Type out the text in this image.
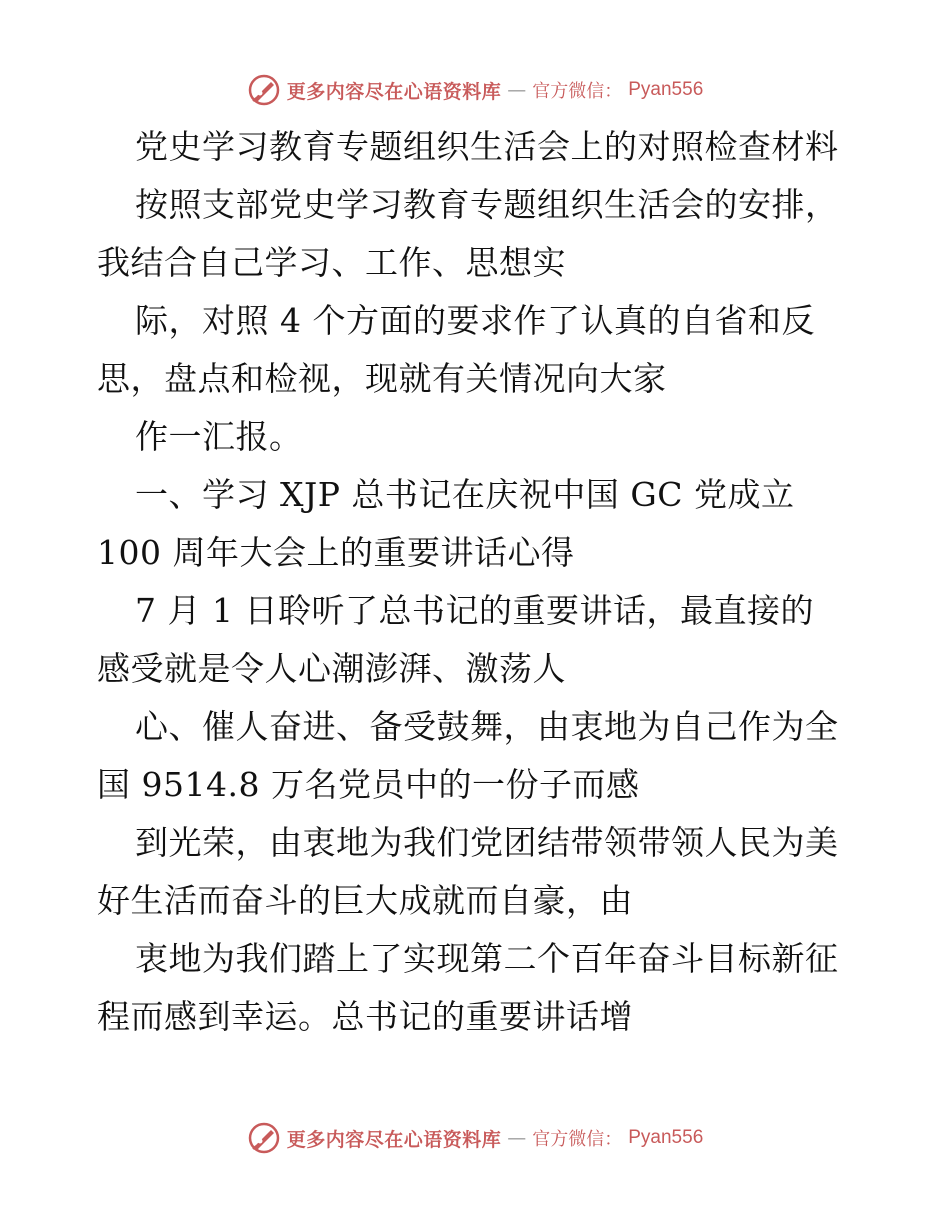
更多内容尽在心语资料库 — 官方微信： Pyan556
党史学习教育专题组织生活会上的对照检查材料
按照支部党史学习教育专题组织生活会的安排，
我结合自己学习、工作、思想实
际，对照 4 个方面的要求作了认真的自省和反
思，盘点和检视，现就有关情况向大家
作一汇报。
一、学习 XJP 总书记在庆祝中国 GC 党成立
100 周年大会上的重要讲话心得
7 月 1 日聆听了总书记的重要讲话，最直接的
感受就是令人心潮澎湃、激荡人
心、催人奋进、备受鼓舞，由衷地为自己作为全
国 9514.8 万名党员中的一份子而感
到光荣，由衷地为我们党团结带领带领人民为美
好生活而奋斗的巨大成就而自豪，由
衷地为我们踏上了实现第二个百年奋斗目标新征
程而感到幸运。总书记的重要讲话增
更多内容尽在心语资料库 — 官方微信： Pyan556
